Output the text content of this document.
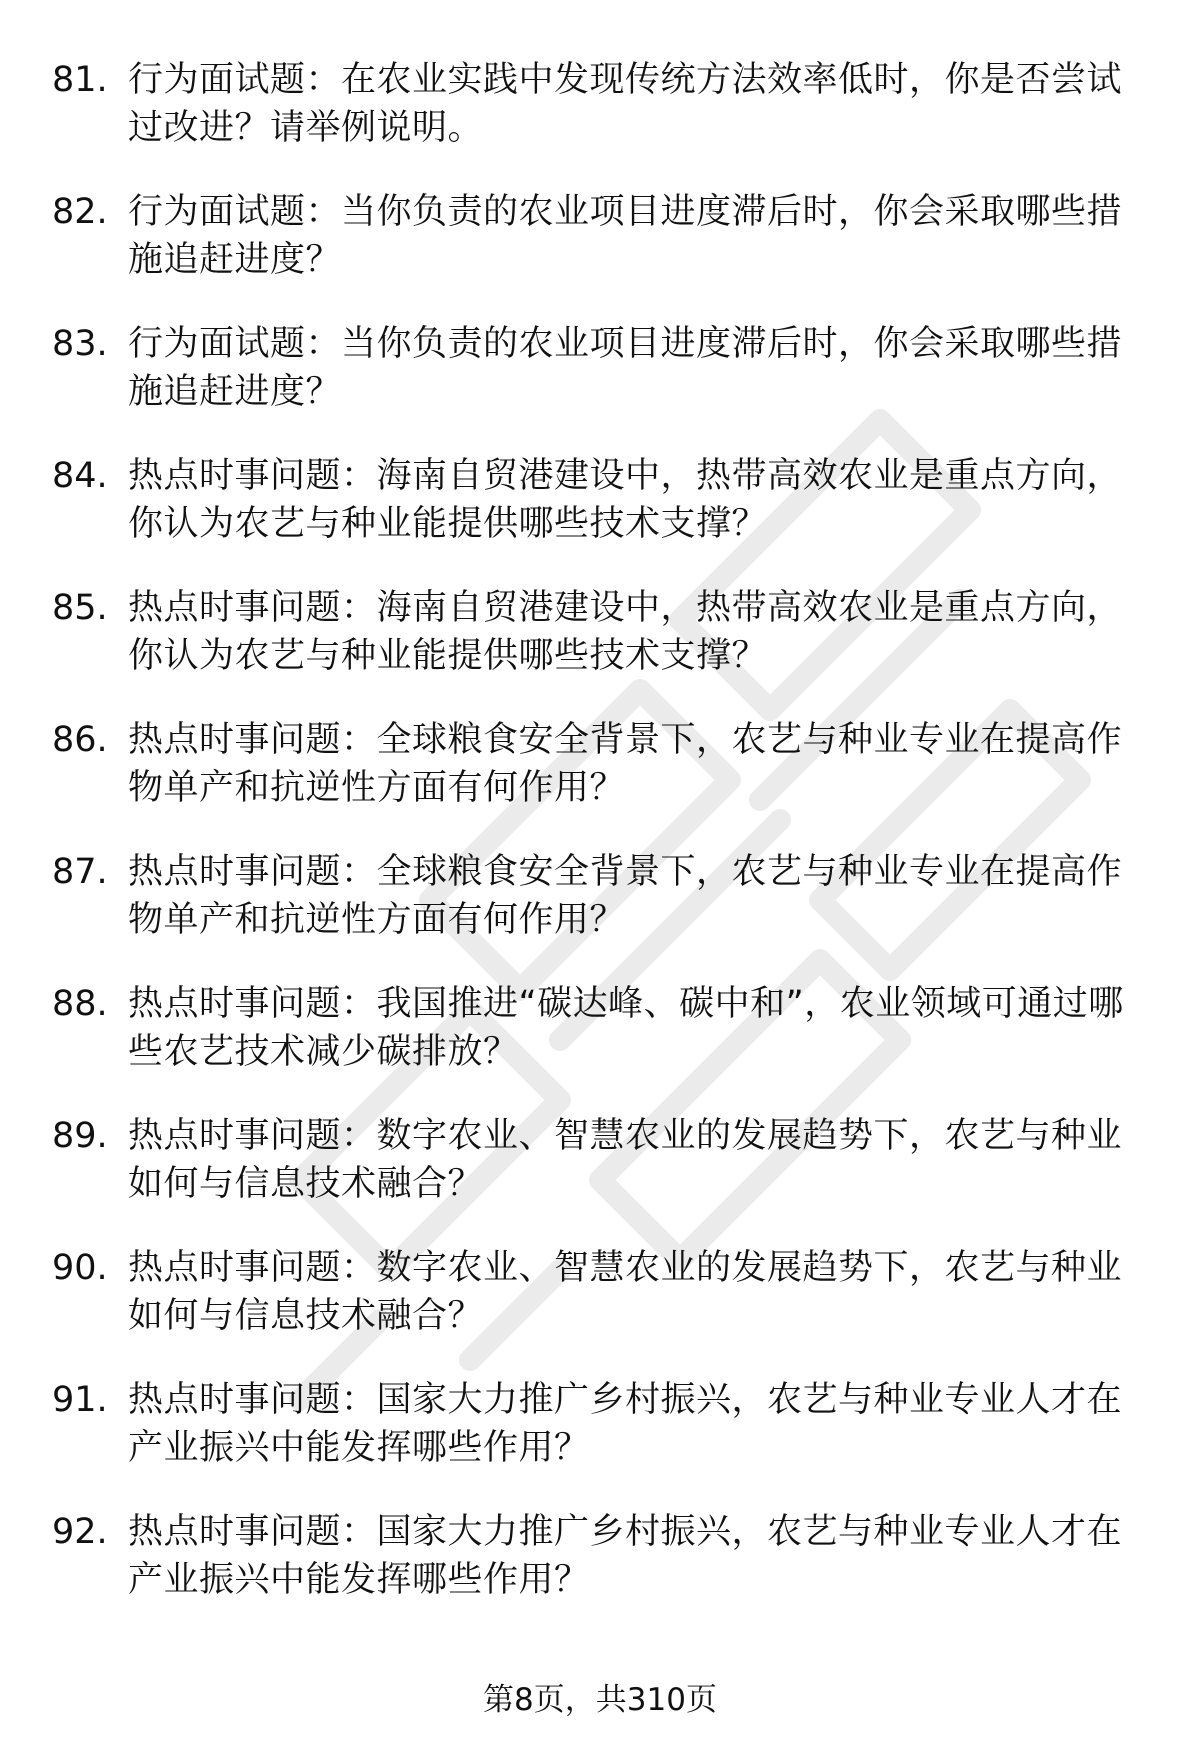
81. 行为面试题：在农业实践中发现传统方法效率低时，你是否尝试过改进？请举例说明。
82. 行为面试题：当你负责的农业项目进度滞后时，你会采取哪些措施追赶进度？
83. 行为面试题：当你负责的农业项目进度滞后时，你会采取哪些措施追赶进度？
84. 热点时事问题：海南自贸港建设中，热带高效农业是重点方向，你认为农艺与种业能提供哪些技术支撑？
85. 热点时事问题：海南自贸港建设中，热带高效农业是重点方向，你认为农艺与种业能提供哪些技术支撑？
86. 热点时事问题：全球粮食安全背景下，农艺与种业专业在提高作物单产和抗逆性方面有何作用？
87. 热点时事问题：全球粮食安全背景下，农艺与种业专业在提高作物单产和抗逆性方面有何作用？
88. 热点时事问题：我国推进“碳达峰、碳中和”，农业领域可通过哪些农艺技术减少碳排放？
89. 热点时事问题：数字农业、智慧农业的发展趋势下，农艺与种业如何与信息技术融合？
90. 热点时事问题：数字农业、智慧农业的发展趋势下，农艺与种业如何与信息技术融合？
91. 热点时事问题：国家大力推广乡村振兴，农艺与种业专业人才在产业振兴中能发挥哪些作用？
92. 热点时事问题：国家大力推广乡村振兴，农艺与种业专业人才在产业振兴中能发挥哪些作用？
第8页，共310页
